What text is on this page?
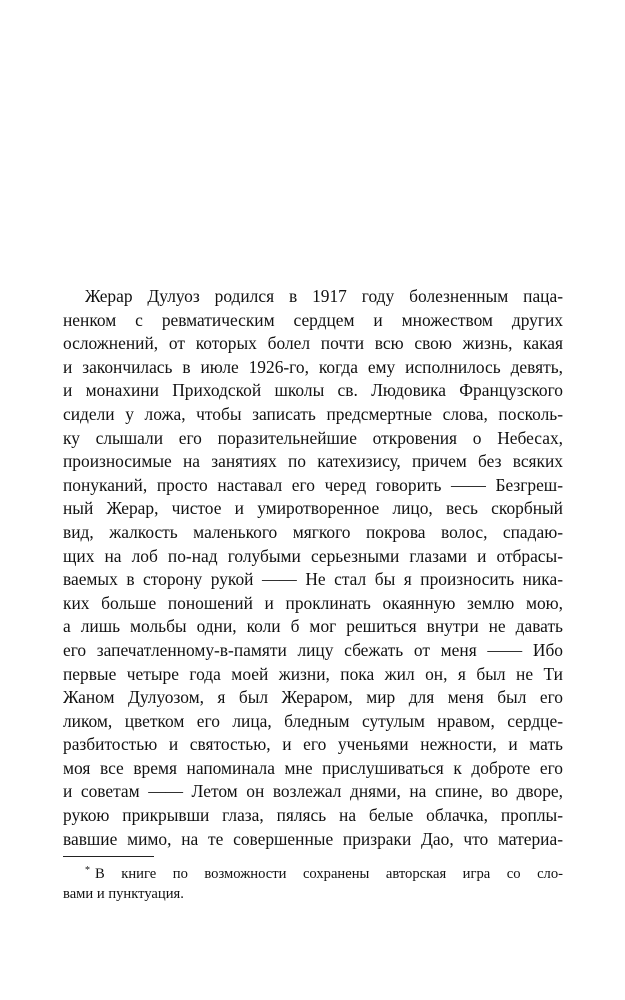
Жерар Дулуоз родился в 1917 году болезненным паца-
ненком с ревматическим сердцем и множеством других
осложнений, от которых болел почти всю свою жизнь, какая
и закончилась в июле 1926-го, когда ему исполнилось девять,
и монахини Приходской школы св. Людовика Французского
сидели у ложа, чтобы записать предсмертные слова, посколь-
ку слышали его поразительнейшие откровения о Небесах,
произносимые на занятиях по катехизису, причем без всяких
понуканий, просто наставал его черед говорить —— Безгреш-
ный Жерар, чистое и умиротворенное лицо, весь скорбный
вид, жалкость маленького мягкого покрова волос, спадаю-
щих на лоб по-над голубыми серьезными глазами и отбрасы-
ваемых в сторону рукой —— Не стал бы я произносить ника-
ких больше поношений и проклинать окаянную землю мою,
а лишь мольбы одни, коли б мог решиться внутри не давать
его запечатленному-в-памяти лицу сбежать от меня —— Ибо
первые четыре года моей жизни, пока жил он, я был не Ти
Жаном Дулуозом, я был Жераром, мир для меня был его
ликом, цветком его лица, бледным сутулым нравом, сердце-
разбитостью и святостью, и его ученьями нежности, и мать
моя все время напоминала мне прислушиваться к доброте его
и советам —— Летом он возлежал днями, на спине, во дворе,
рукою прикрывши глаза, пялясь на белые облачка, проплы-
вавшие мимо, на те совершенные призраки Дао, что материа-
* В книге по возможности сохранены авторская игра со сло-
вами и пунктуация.
